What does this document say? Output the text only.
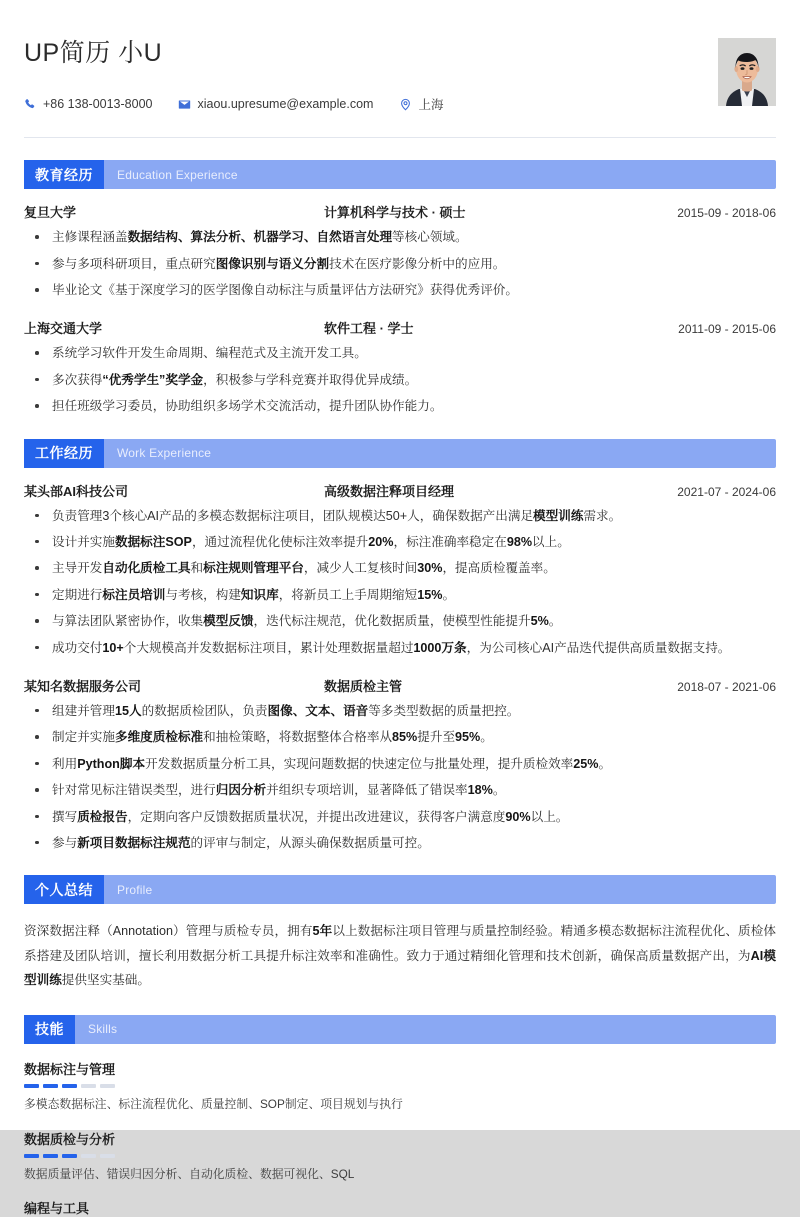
UP简历 小U
+86 138-0013-8000	xiaou.upresume@example.com	上海
教育经历	Education Experience
复旦大学	计算机科学与技术 · 硕士	2015-09 - 2018-06
主修课程涵盖数据结构、算法分析、机器学习、自然语言处理等核心领域。
参与多项科研项目，重点研究图像识别与语义分割技术在医疗影像分析中的应用。
毕业论文《基于深度学习的医学图像自动标注与质量评估方法研究》获得优秀评价。
上海交通大学	软件工程 · 学士	2011-09 - 2015-06
系统学习软件开发生命周期、编程范式及主流开发工具。
多次获得“优秀学生”奖学金，积极参与学科竞赛并取得优异成绩。
担任班级学习委员，协助组织多场学术交流活动，提升团队协作能力。
工作经历	Work Experience
某头部AI科技公司	高级数据注释项目经理	2021-07 - 2024-06
负责管理3个核心AI产品的多模态数据标注项目，团队规模达50+人，确保数据产出满足模型训练需求。
设计并实施数据标注SOP，通过流程优化使标注效率提升20%，标注准确率稳定在98%以上。
主导开发自动化质检工具和标注规则管理平台，减少人工复核时间30%，提高质检覆盖率。
定期进行标注员培训与考核，构建知识库，将新员工上手周期缩短15%。
与算法团队紧密协作，收集模型反馈，迭代标注规范，优化数据质量，使模型性能提升5%。
成功交付10+个大规模高并发数据标注项目，累计处理数据量超过1000万条，为公司核心AI产品迭代提供高质量数据支持。
某知名数据服务公司	数据质检主管	2018-07 - 2021-06
组建并管理15人的数据质检团队，负责图像、文本、语音等多类型数据的质量把控。
制定并实施多维度质检标准和抽检策略，将数据整体合格率从85%提升至95%。
利用Python脚本开发数据质量分析工具，实现问题数据的快速定位与批量处理，提升质检效率25%。
针对常见标注错误类型，进行归因分析并组织专项培训，显著降低了错误率18%。
撰写质检报告，定期向客户反馈数据质量状况，并提出改进建议，获得客户满意度90%以上。
参与新项目数据标注规范的评审与制定，从源头确保数据质量可控。
个人总结	Profile
资深数据注释（Annotation）管理与质检专员，拥有5年以上数据标注项目管理与质量控制经验。精通多模态数据标注流程优化、质检体系搭建及团队培训，擅长利用数据分析工具提升标注效率和准确性。致力于通过精细化管理和技术创新，确保高质量数据产出，为AI模型训练提供坚实基础。
技能	Skills
数据标注与管理
多模态数据标注、标注流程优化、质量控制、SOP制定、项目规划与执行
数据质检与分析
数据质量评估、错误归因分析、自动化质检、数据可视化、SQL
编程与工具
